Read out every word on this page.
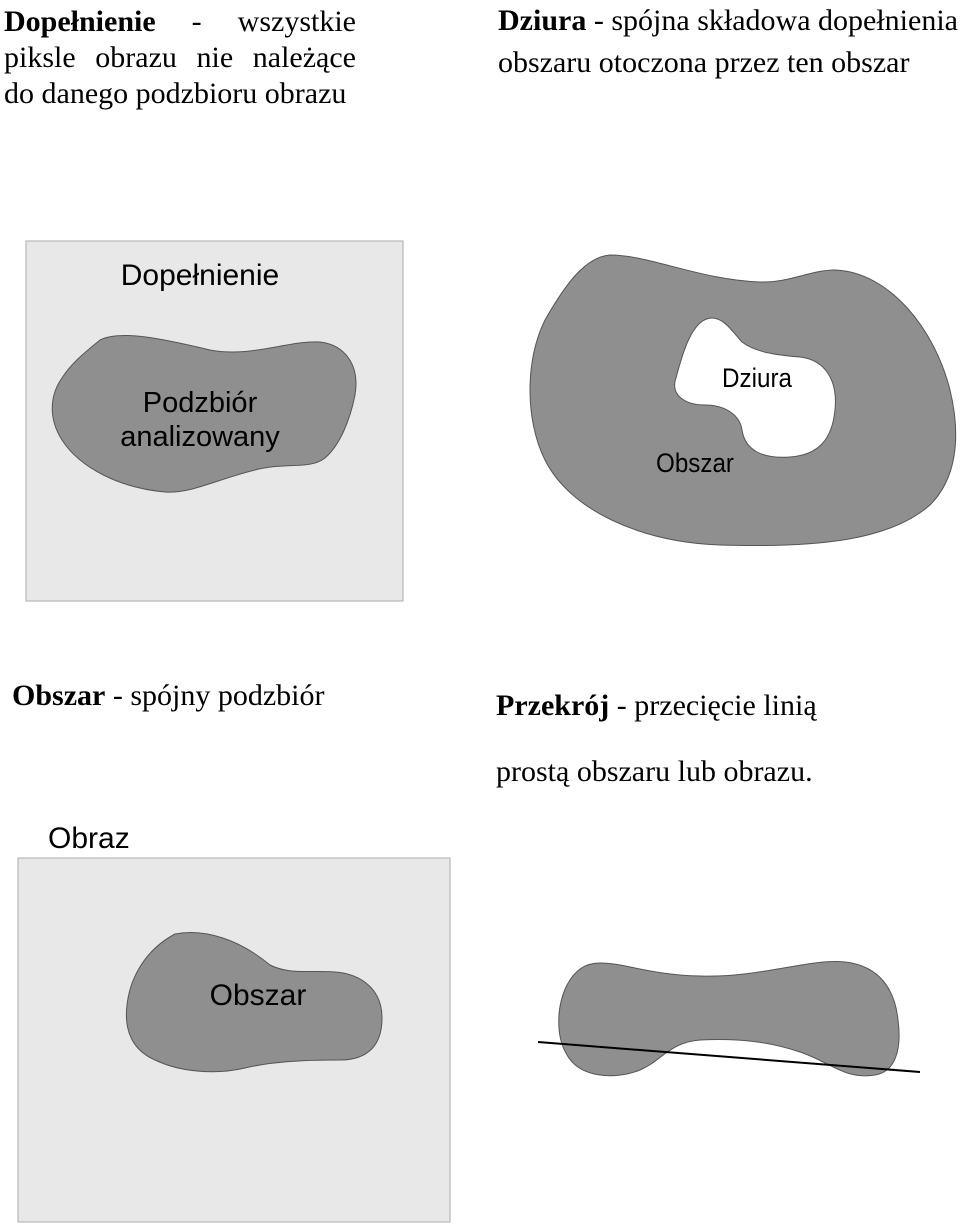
Dopełnienie - wszystkie piksle obrazu nie należące do danego podzbioru obrazu
Dziura - spójna składowa dopełnienia obszaru otoczona przez ten obszar
Obszar - spójny podzbiór	Przekrój - przecięcie linią
prostą obszaru lub obrazu.
Dopełnienie
Podzbiór
analizowany
Dziura
Obszar
Obraz
Obszar
